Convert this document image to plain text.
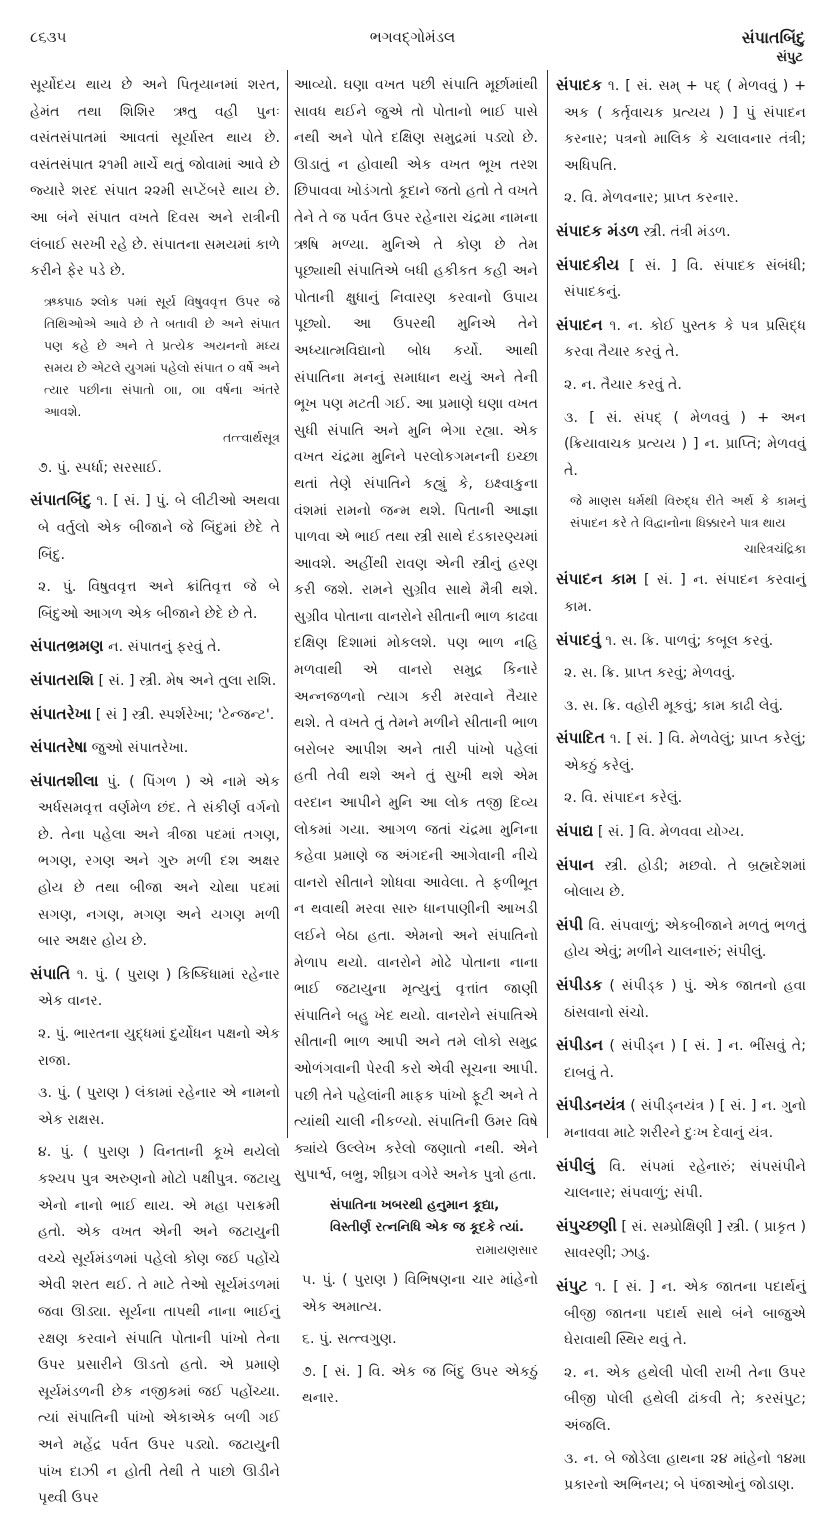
૮૬૩૫	ભગવદ્ગોમંડલ	સંપાતબિંદુ
સંપુટ

સૂર્યોદય થાય છે અને પિતૃયાનમાં શરત, હેમંત તથા શિશિર ઋતુ વહી પુનઃ વસંતસંપાતમાં આવતાં સૂર્યાસ્ત થાય છે. વસંતસંપાત ૨૧મી માર્ચે થતું જોવામાં આવે છે જ્યારે શરદ સંપાત ૨૨મી સપ્ટેંબરે થાય છે. આ બંને સંપાત વખતે દિવસ અને રાત્રીની લંબાઈ સરખી રહે છે. સંપાતના સમયમાં કાળે કરીને ફેર પડે છે.

ઋક્પાઠ શ્લોક ૫માં સૂર્ય વિષુવવૃત્ત ઉપર જે તિથિઓએ આવે છે તે બતાવી છે અને સંપાત પણ કહે છે અને તે પ્રત્યેક અયનનો મધ્ય સમય છે એટલે યુગમાં પહેલો સંપાત ૦ વર્ષે અને ત્યાર પછીના સંપાતો ૦॥, ૦॥ વર્ષના અંતરે આવશે.

તત્ત્વાર્થસૂત્ર

૭. પું. સ્પર્ધા; સરસાઈ.

સંપાતબિંદુ ૧. [ સં. ] પું. બે લીટીઓ અથવા બે વર્તુલો એક બીજાને જે બિંદુમાં છેદે તે બિંદુ.

૨. પું. વિષુવવૃત્ત અને ક્રાંતિવૃત્ત જે બે બિંદુઓ આગળ એક બીજાને છેદે છે તે.

સંપાતભ્રમણ ન. સંપાતનું ફરવું તે.

સંપાતરાશિ [ સં. ] સ્ત્રી. મેષ અને તુલા રાશિ.

સંપાતરેખા [ સં ] સ્ત્રી. સ્પર્શરેખા; 'ટેન્જન્ટ'.

સંપાતરેષા જુઓ સંપાતરેખા.

સંપાતશીલા પું. ( પિંગળ ) એ નામે એક અર્ધસમવૃત્ત વર્ણમેળ છંદ. તે સંકીર્ણ વર્ગનો છે. તેના પહેલા અને ત્રીજા પદમાં તગણ, ભગણ, રગણ અને ગુરુ મળી દશ અક્ષર હોય છે તથા બીજા અને ચોથા પદમાં સગણ, નગણ, મગણ અને યગણ મળી બાર અક્ષર હોય છે.

સંપાતિ ૧. પું. ( પુરાણ ) કિષ્કિંધામાં રહેનાર એક વાનર.

૨. પું. ભારતના યુદ્ધમાં દુર્યોધન પક્ષનો એક રાજા.

૩. પું. ( પુરાણ ) લંકામાં રહેનાર એ નામનો એક રાક્ષસ.

૪. પું. ( પુરાણ ) વિનતાની કૂખે થયેલો કશ્યપ પુત્ર અરુણનો મોટો પક્ષીપુત્ર. જટાયુ એનો નાનો ભાઈ થાય. એ મહા પરાક્રમી હતો. એક વખત એની અને જટાયુની વચ્ચે સૂર્યમંડળમાં પહેલો કોણ જઈ પહોંચે એવી શરત થઈ. તે માટે તેઓ સૂર્યમંડળમાં જવા ઊડ્યા. સૂર્યના તાપથી નાના ભાઈનું રક્ષણ કરવાને સંપાતિ પોતાની પાંખો તેના ઉપર પ્રસારીને ઊડતો હતો. એ પ્રમાણે સૂર્યમંડળની છેક નજીકમાં જઈ પહોંચ્યા. ત્યાં સંપાતિની પાંખો એકાએક બળી ગઈ અને મહેંદ્ર પર્વત ઉપર પડ્યો. જટાયુની પાંખ દાઝી ન હોતી તેથી તે પાછો ઊડીને પૃથ્વી ઉપર

આવ્યો. ઘણા વખત પછી સંપાતિ મૂર્છામાંથી સાવધ થઈને જુએ તો પોતાનો ભાઈ પાસે નથી અને પોતે દક્ષિણ સમુદ્રમાં પડ્યો છે. ઊડાતું ન હોવાથી એક વખત ભૂખ તરશ છિપાવવા ખોડંગતો કૂદાને જતો હતો તે વખતે તેને તે જ પર્વત ઉપર રહેનારા ચંદ્રમા નામના ઋષિ મળ્યા. મુનિએ તે કોણ છે તેમ પૂછ્યાથી સંપાતિએ બધી હકીકત કહી અને પોતાની ક્ષુધાનું નિવારણ કરવાનો ઉપાય પૂછ્યો. આ ઉપરથી મુનિએ તેને અધ્યાત્મવિદ્યાનો બોધ કર્યો. આથી સંપાતિના મનનું સમાધાન થયું અને તેની ભૂખ પણ મટતી ગઈ. આ પ્રમાણે ઘણા વખત સુધી સંપાતિ અને મુનિ ભેગા રહ્યા. એક વખત ચંદ્રમા મુનિને પરલોકગમનની ઇચ્છા થતાં તેણે સંપાતિને કહ્યું કે, ઇક્ષ્વાકુના વંશમાં રામનો જન્મ થશે. પિતાની આજ્ઞા પાળવા એ ભાઈ તથા સ્ત્રી સાથે દંડકારણ્યમાં આવશે. અહીંથી રાવણ એની સ્ત્રીનું હરણ કરી જશે. રામને સુગ્રીવ સાથે મૈત્રી થશે. સુગ્રીવ પોતાના વાનરોને સીતાની ભાળ કાઢવા દક્ષિણ દિશામાં મોકલશે. પણ ભાળ નહિ મળવાથી એ વાનરો સમુદ્ર કિનારે અન્નજળનો ત્યાગ કરી મરવાને તૈયાર થશે. તે વખતે તું તેમને મળીને સીતાની ભાળ બરોબર આપીશ અને તારી પાંખો પહેલાં હતી તેવી થશે અને તું સુખી થશે એમ વરદાન આપીને મુનિ આ લોક તજી દિવ્ય લોકમાં ગયા. આગળ જતાં ચંદ્રમા મુનિના કહેવા પ્રમાણે જ અંગદની આગેવાની નીચે વાનરો સીતાને શોધવા આવેલા. તે ફળીભૂત ન થવાથી મરવા સારુ ધાનપાણીની આખડી લઈને બેઠા હતા. એમનો અને સંપાતિનો મેળાપ થયો. વાનરોને મોઢે પોતાના નાના ભાઈ જટાયુના મૃત્યુનું વૃત્તાંત જાણી સંપાતિને બહુ ખેદ થયો. વાનરોને સંપાતિએ સીતાની ભાળ આપી અને તમે લોકો સમુદ્ર ઓળંગવાની પેરવી કરો એવી સૂચના આપી. પછી તેને પહેલાંની માફક પાંખો ફૂટી અને તે ત્યાંથી ચાલી નીકળ્યો. સંપાતિની ઉમર વિષે ક્યાંયે ઉલ્લેખ કરેલો જણાતો નથી. એને સુપાર્શ્વ, બભ્રુ, શીઘ્રગ વગેરે અનેક પુત્રો હતા.

સંપાતિના ખબરથી હનુમાન કૂદ્યા,

વિસ્તીર્ણ રત્નનિધિ એક જ કૂદકે ત્યાં.

રામાયણસાર

૫. પું. ( પુરાણ ) વિભિષણના ચાર માંહેનો એક અમાત્ય.

૬. પું. સત્ત્વગુણ.

૭. [ સં. ] વિ. એક જ બિંદુ ઉપર એકઠું થનાર.

સંપાદક ૧. [ સં. સમ્ + પદ્ ( મેળવવું ) + અક ( કર્તૃવાચક પ્રત્યય ) ] પું સંપાદન કરનાર; પત્રનો માલિક કે ચલાવનાર તંત્રી; અધિપતિ.

૨. વિ. મેળવનાર; પ્રાપ્ત કરનાર.

સંપાદક મંડળ સ્ત્રી. તંત્રી મંડળ.

સંપાદકીય [ સં. ] વિ. સંપાદક સંબંધી; સંપાદકનું.

સંપાદન ૧. ન. કોઈ પુસ્તક કે પત્ર પ્રસિદ્ધ કરવા તૈયાર કરવું તે.

૨. ન. તૈયાર કરવું તે.

૩. [ સં. સંપદ્ ( મેળવવું ) + અન (ક્રિયાવાચક પ્રત્યય ) ] ન. પ્રાપ્તિ; મેળવવું તે.

જે માણસ ધર્મથી વિરુદ્ધ રીતે અર્થ કે કામનું સંપાદન કરે તે વિદ્વાનોના ધિક્કારને પાત્ર થાય

ચારિત્રચંદ્રિકા

સંપાદન કામ [ સં. ] ન. સંપાદન કરવાનું કામ.

સંપાદવું ૧. સ. ક્રિ. પાળવું; કબૂલ કરવું.

૨. સ. ક્રિ. પ્રાપ્ત કરવું; મેળવવું.

૩. સ. ક્રિ. વહોરી મૂકવું; કામ કાઢી લેવું.

સંપાદિત ૧. [ સં. ] વિ. મેળવેલું; પ્રાપ્ત કરેલું; એકઠું કરેલું.

૨. વિ. સંપાદન કરેલું.

સંપાદ્ય [ સં. ] વિ. મેળવવા યોગ્ય.

સંપાન સ્ત્રી. હોડી; મછવો. તે બ્રહ્મદેશમાં બોલાય છે.

સંપી વિ. સંપવાળું; એકબીજાને મળતું ભળતું હોય એવું; મળીને ચાલનારું; સંપીલું.

સંપીડક ( સંપીડ્ક ) પું. એક જાતનો હવા ઠાંસવાનો સંચો.

સંપીડન ( સંપીડ્ન ) [ સં. ] ન. ભીંસવું તે; દાબવું તે.

સંપીડનયંત્ર ( સંપીડ્નયંત્ર ) [ સં. ] ન. ગુનો મનાવવા માટે શરીરને દુઃખ દેવાનું યંત્ર.

સંપીલું વિ. સંપમાં રહેનારું; સંપસંપીને ચાલનાર; સંપવાળું; સંપી.

સંપુચ્છણી [ સં. સમ્પ્રોક્ષિણી ] સ્ત્રી. ( પ્રાકૃત ) સાવરણી; ઝાડુ.

સંપુટ ૧. [ સં. ] ન. એક જાતના પદાર્થનું બીજી જાતના પદાર્થ સાથે બંને બાજુએ ઘેરાવાથી સ્થિર થવું તે.

૨. ન. એક હથેલી પોલી રાખી તેના ઉપર બીજી પોલી હથેલી ઢાંકવી તે; કરસંપુટ; અંજલિ.

૩. ન. બે જોડેલા હાથના ૨૪ માંહેનો ૧૪મા પ્રકારનો અભિનય; બે પંજાઓનું જોડાણ.
